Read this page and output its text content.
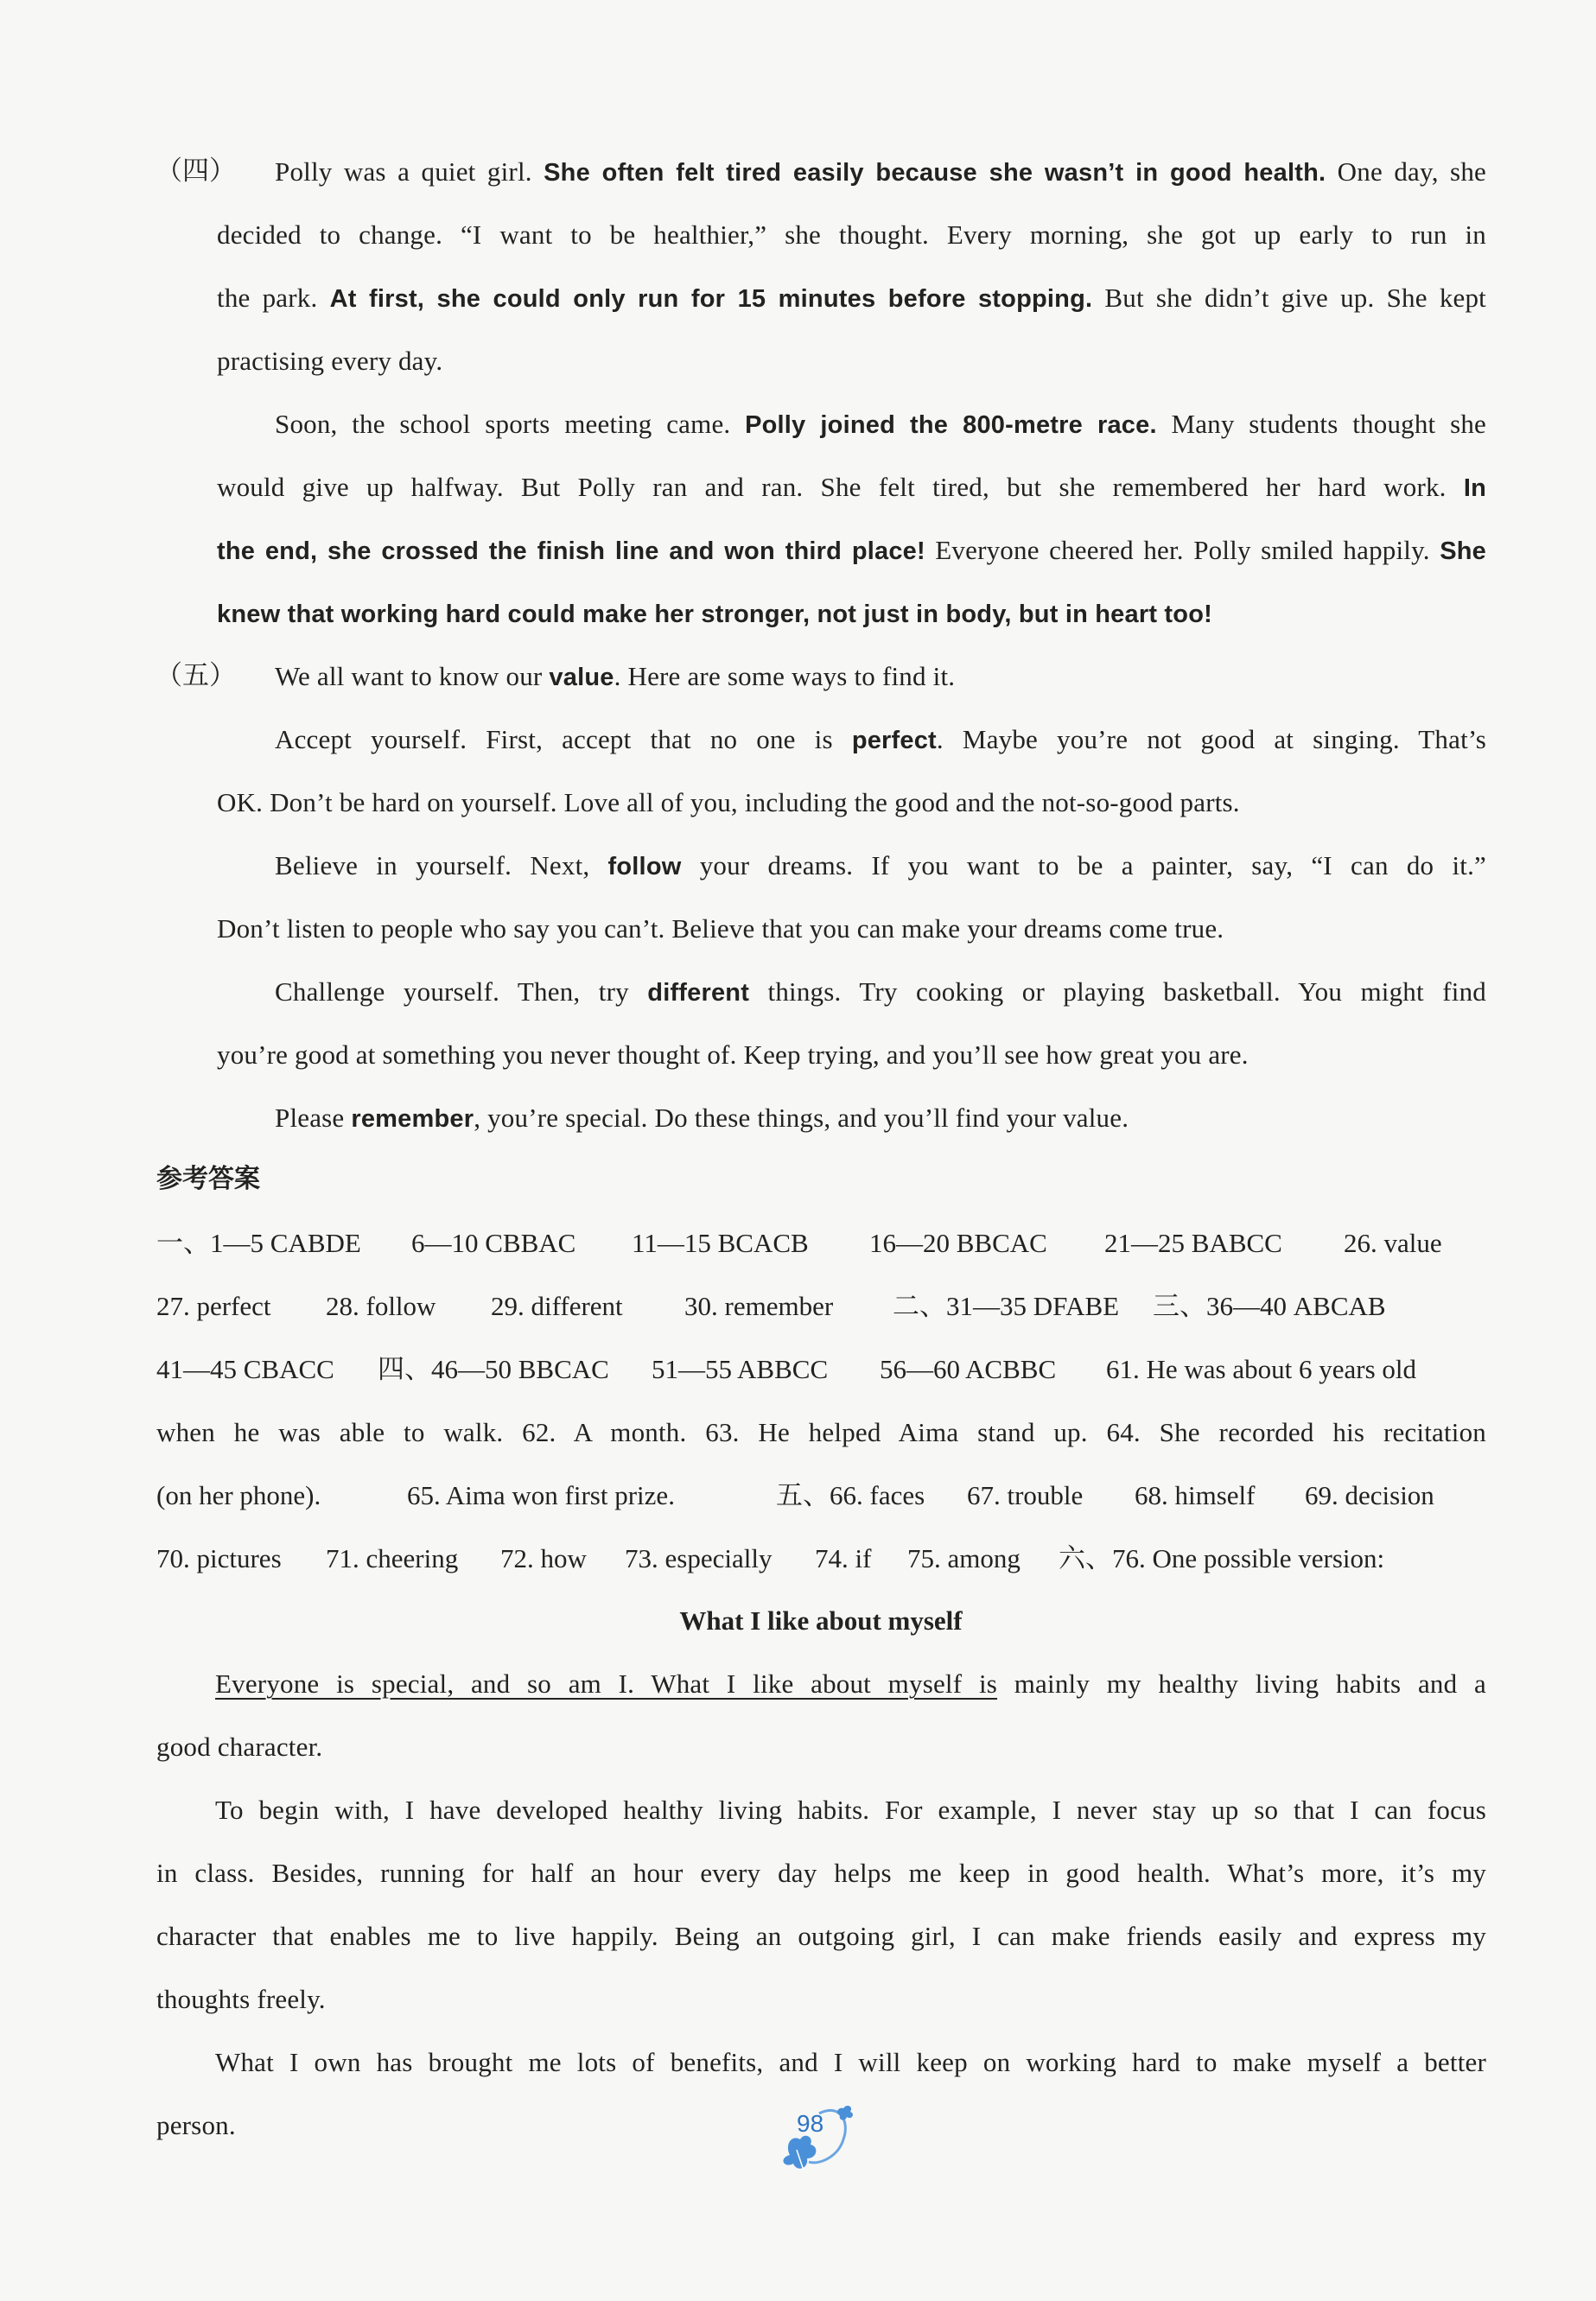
（四） Polly was a quiet girl. She often felt tired easily because she wasn’t in good health. One day, she
decided to change. “I want to be healthier,” she thought. Every morning, she got up early to run in
the park. At first, she could only run for 15 minutes before stopping. But she didn’t give up. She kept
practising every day.
Soon, the school sports meeting came. Polly joined the 800-metre race. Many students thought she
would give up halfway. But Polly ran and ran. She felt tired, but she remembered her hard work. In
the end, she crossed the finish line and won third place! Everyone cheered her. Polly smiled happily. She
knew that working hard could make her stronger, not just in body, but in heart too!
（五） We all want to know our value. Here are some ways to find it.
Accept yourself. First, accept that no one is perfect. Maybe you’re not good at singing. That’s
OK. Don’t be hard on yourself. Love all of you, including the good and the not-so-good parts.
Believe in yourself. Next, follow your dreams. If you want to be a painter, say, “I can do it.”
Don’t listen to people who say you can’t. Believe that you can make your dreams come true.
Challenge yourself. Then, try different things. Try cooking or playing basketball. You might find
you’re good at something you never thought of. Keep trying, and you’ll see how great you are.
Please remember, you’re special. Do these things, and you’ll find your value.
参考答案
一、1—5 CABDE 6—10 CBBAC 11—15 BCACB 16—20 BBCAC 21—25 BABCC 26. value
27. perfect 28. follow 29. different 30. remember 二、31—35 DFABE 三、36—40 ABCAB
41—45 CBACC 四、46—50 BBCAC 51—55 ABBCC 56—60 ACBBC 61. He was about 6 years old
when he was able to walk. 62. A month. 63. He helped Aima stand up. 64. She recorded his recitation
(on her phone).	65. Aima won first prize.	五、66. faces 67. trouble 68. himself 69. decision
70. pictures 71. cheering 72. how 73. especially 74. if 75. among 六、76. One possible version:
What I like about myself
Everyone is special, and so am I. What I like about myself is mainly my healthy living habits and a
good character.
To begin with, I have developed healthy living habits. For example, I never stay up so that I can focus
in class. Besides, running for half an hour every day helps me keep in good health. What’s more, it’s my
character that enables me to live happily. Being an outgoing girl, I can make friends easily and express my
thoughts freely.
What I own has brought me lots of benefits, and I will keep on working hard to make myself a better
person.	98
